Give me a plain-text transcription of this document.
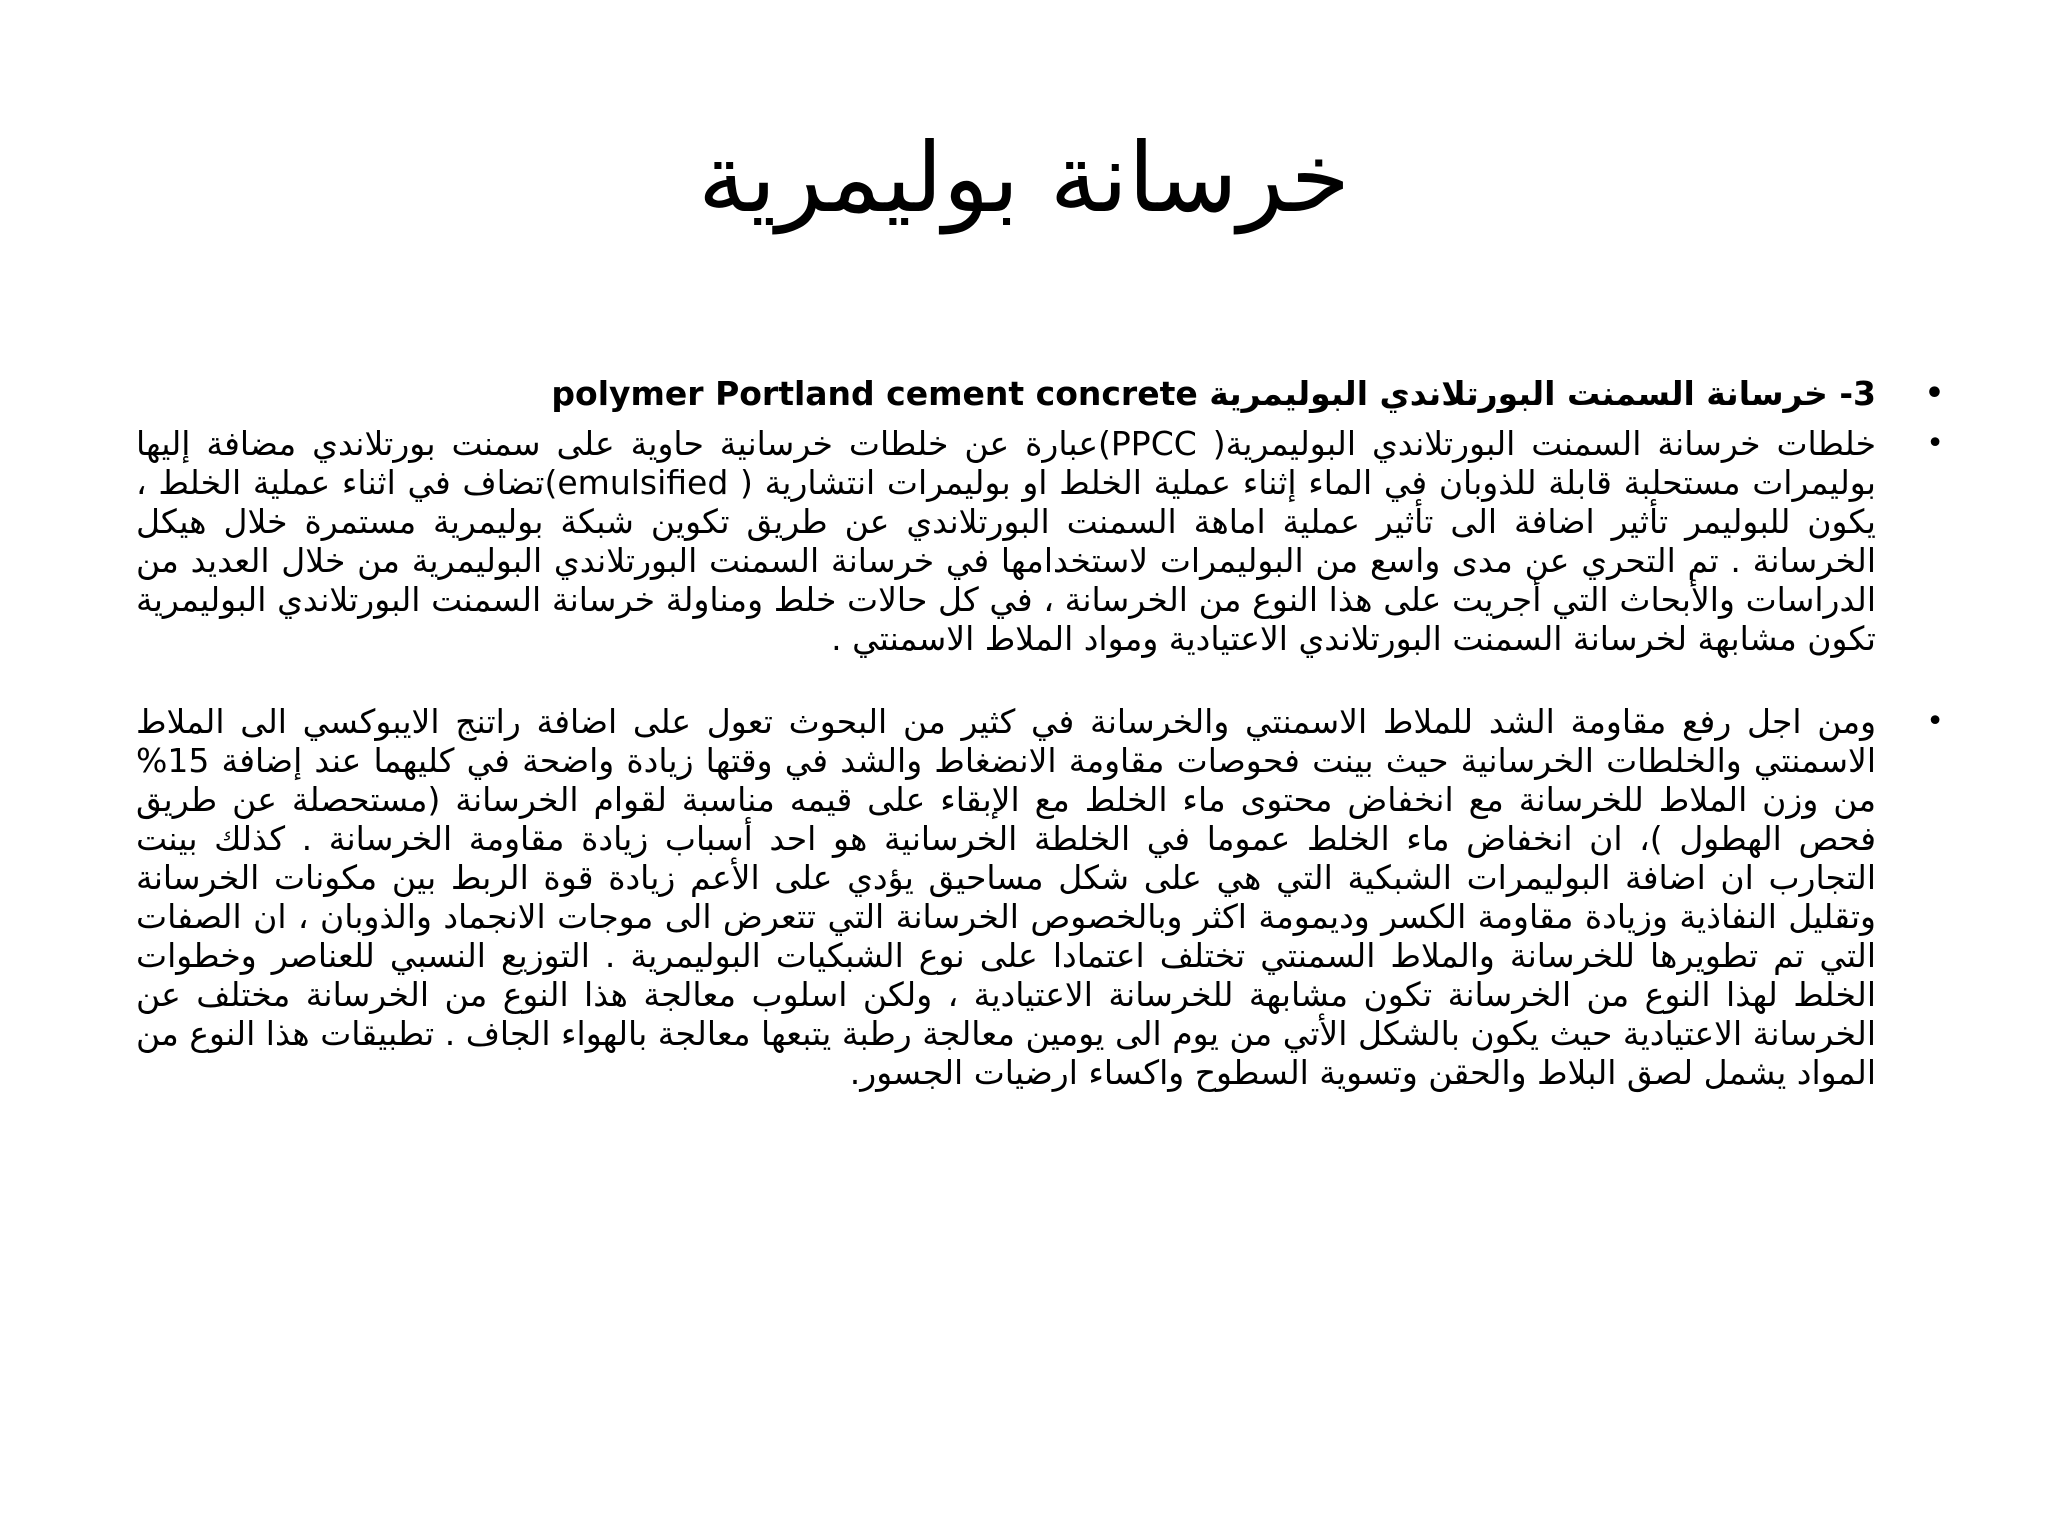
خرسانة بوليمرية
•
3- خرسانة السمنت البورتلاندي البوليمرية polymer Portland cement concrete
•
خلطات خرسانة السمنت البورتلاندي البوليمرية( PPCC)عبارة عن خلطات خرسانية حاوية على سمنت بورتلاندي مضافة إليها بوليمرات مستحلبة قابلة للذوبان في الماء إثناء عملية الخلط او بوليمرات انتشارية ( emulsified)تضاف في اثناء عملية الخلط ، يكون للبوليمر تأثير اضافة الى تأثير عملية اماهة السمنت البورتلاندي عن طريق تكوين شبكة بوليمرية مستمرة خلال هيكل الخرسانة . تم التحري عن مدى واسع من البوليمرات لاستخدامها في خرسانة السمنت البورتلاندي البوليمرية من خلال العديد من الدراسات والأبحاث التي أجريت على هذا النوع من الخرسانة ، في كل حالات خلط ومناولة خرسانة السمنت البورتلاندي البوليمرية تكون مشابهة لخرسانة السمنت البورتلاندي الاعتيادية ومواد الملاط الاسمنتي .
•
ومن اجل رفع مقاومة الشد للملاط الاسمنتي والخرسانة في كثير من البحوث تعول على اضافة راتنج الايبوكسي الى الملاط الاسمنتي والخلطات الخرسانية حيث بينت فحوصات مقاومة الانضغاط والشد في وقتها زيادة واضحة في كليهما عند إضافة 15% من وزن الملاط للخرسانة مع انخفاض محتوى ماء الخلط مع الإبقاء على قيمه مناسبة لقوام الخرسانة (مستحصلة عن طريق فحص الهطول )، ان انخفاض ماء الخلط عموما في الخلطة الخرسانية هو احد أسباب زيادة مقاومة الخرسانة . كذلك بينت التجارب ان اضافة البوليمرات الشبكية التي هي على شكل مساحيق يؤدي على الأعم زيادة قوة الربط بين مكونات الخرسانة وتقليل النفاذية وزيادة مقاومة الكسر وديمومة اكثر وبالخصوص الخرسانة التي تتعرض الى موجات الانجماد والذوبان ، ان الصفات التي تم تطويرها للخرسانة والملاط السمنتي تختلف اعتمادا على نوع الشبكيات البوليمرية . التوزيع النسبي للعناصر وخطوات الخلط لهذا النوع من الخرسانة تكون مشابهة للخرسانة الاعتيادية ، ولكن اسلوب معالجة هذا النوع من الخرسانة مختلف عن الخرسانة الاعتيادية حيث يكون بالشكل الأتي من يوم الى يومين معالجة رطبة يتبعها معالجة بالهواء الجاف . تطبيقات هذا النوع من المواد يشمل لصق البلاط والحقن وتسوية السطوح واكساء ارضيات الجسور.
